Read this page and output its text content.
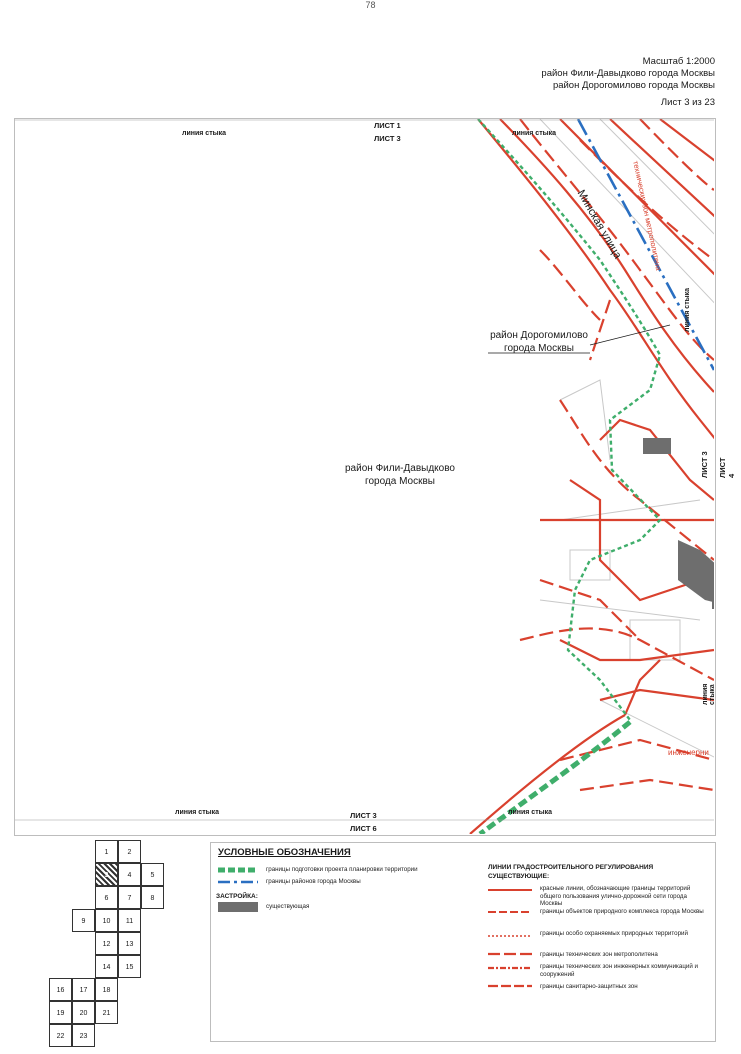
78
Масштаб 1:2000
район Фили-Давыдково города Москвы
район Дорогомилово города Москвы
Лист 3 из 23
линия стыка	линия стыка
ЛИСТ 1
ЛИСТ 3
линия стыка	линия стыка
ЛИСТ 3
ЛИСТ 6
линия стыка
линия стыка
ЛИСТ 3 ЛИСТ 4
Минская улица технических зон метрополитена
инженерни
район Дорогомилово
города Москвы
район Фили-Давыдково
города Москвы
1	2
3	4	5
6	7	8
9	10	11
12	13
14	15
16	17	18
19	20	21
22	23
УСЛОВНЫЕ ОБОЗНАЧЕНИЯ
границы подготовки проекта планировки территории
границы районов города Москвы
ЗАСТРОЙКА:
существующая
ЛИНИИ ГРАДОСТРОИТЕЛЬНОГО РЕГУЛИРОВАНИЯ
СУЩЕСТВУЮЩИЕ:
красные линии, обозначающие границы территорий общего пользования улично-дорожной сети города Москвы
границы объектов природного комплекса города Москвы
границы особо охраняемых природных территорий
границы технических зон метрополитена
границы технических зон инженерных коммуникаций и сооружений
границы санитарно-защитных зон
